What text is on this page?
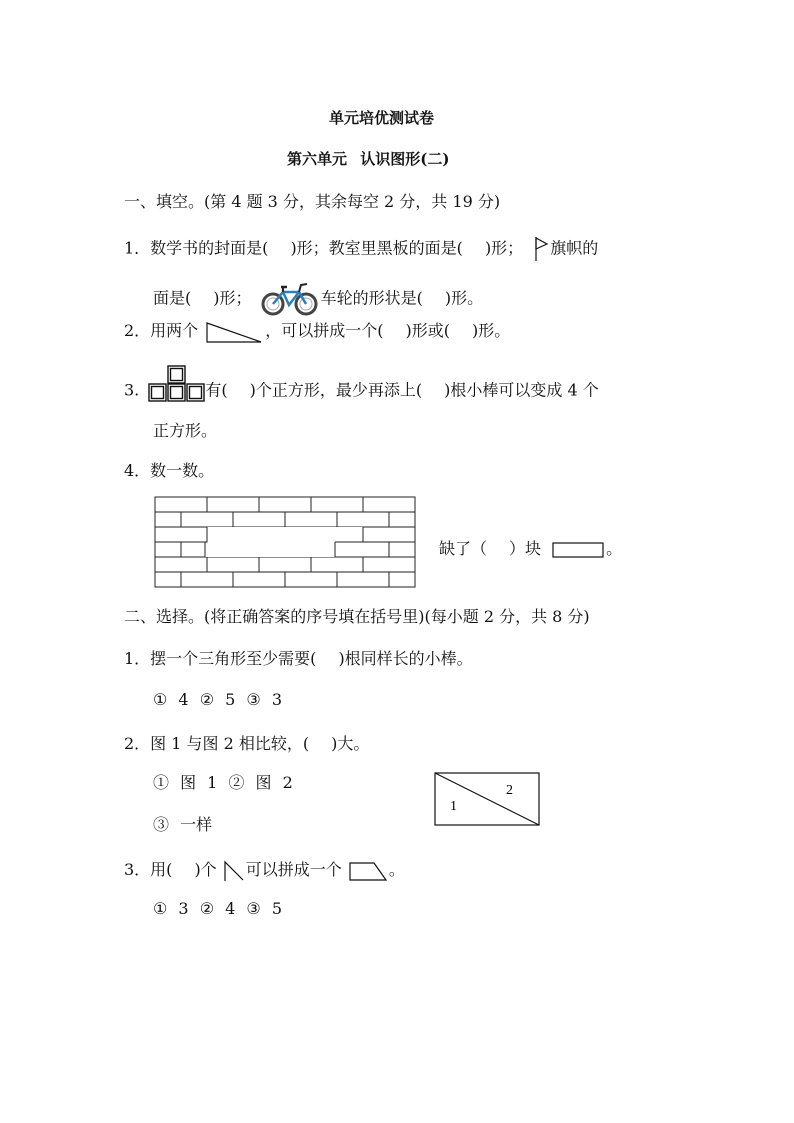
单元培优测试卷
第六单元 认识图形(二)
一、填空。(第 4 题 3 分，其余每空 2 分，共 19 分)
1．数学书的封面是( )形；教室里黑板的面是( )形； 旗帜的
面是( )形；	车轮的形状是( )形。
2．用两个	，可以拼成一个( )形或( )形。
3.	有( )个正方形，最少再添上( )根小棒可以变成 4 个
正方形。
4．数一数。
缺了（ ）块	。
二、选择。(将正确答案的序号填在括号里)(每小题 2 分，共 8 分)
1．摆一个三角形至少需要( )根同样长的小棒。
① 4 ② 5 ③ 3
2．图 1 与图 2 相比较，( )大。
① 图 1 ② 图 2
③ 一样
1
2
3．用( )个 可以拼成一个	。
① 3 ② 4 ③ 5
